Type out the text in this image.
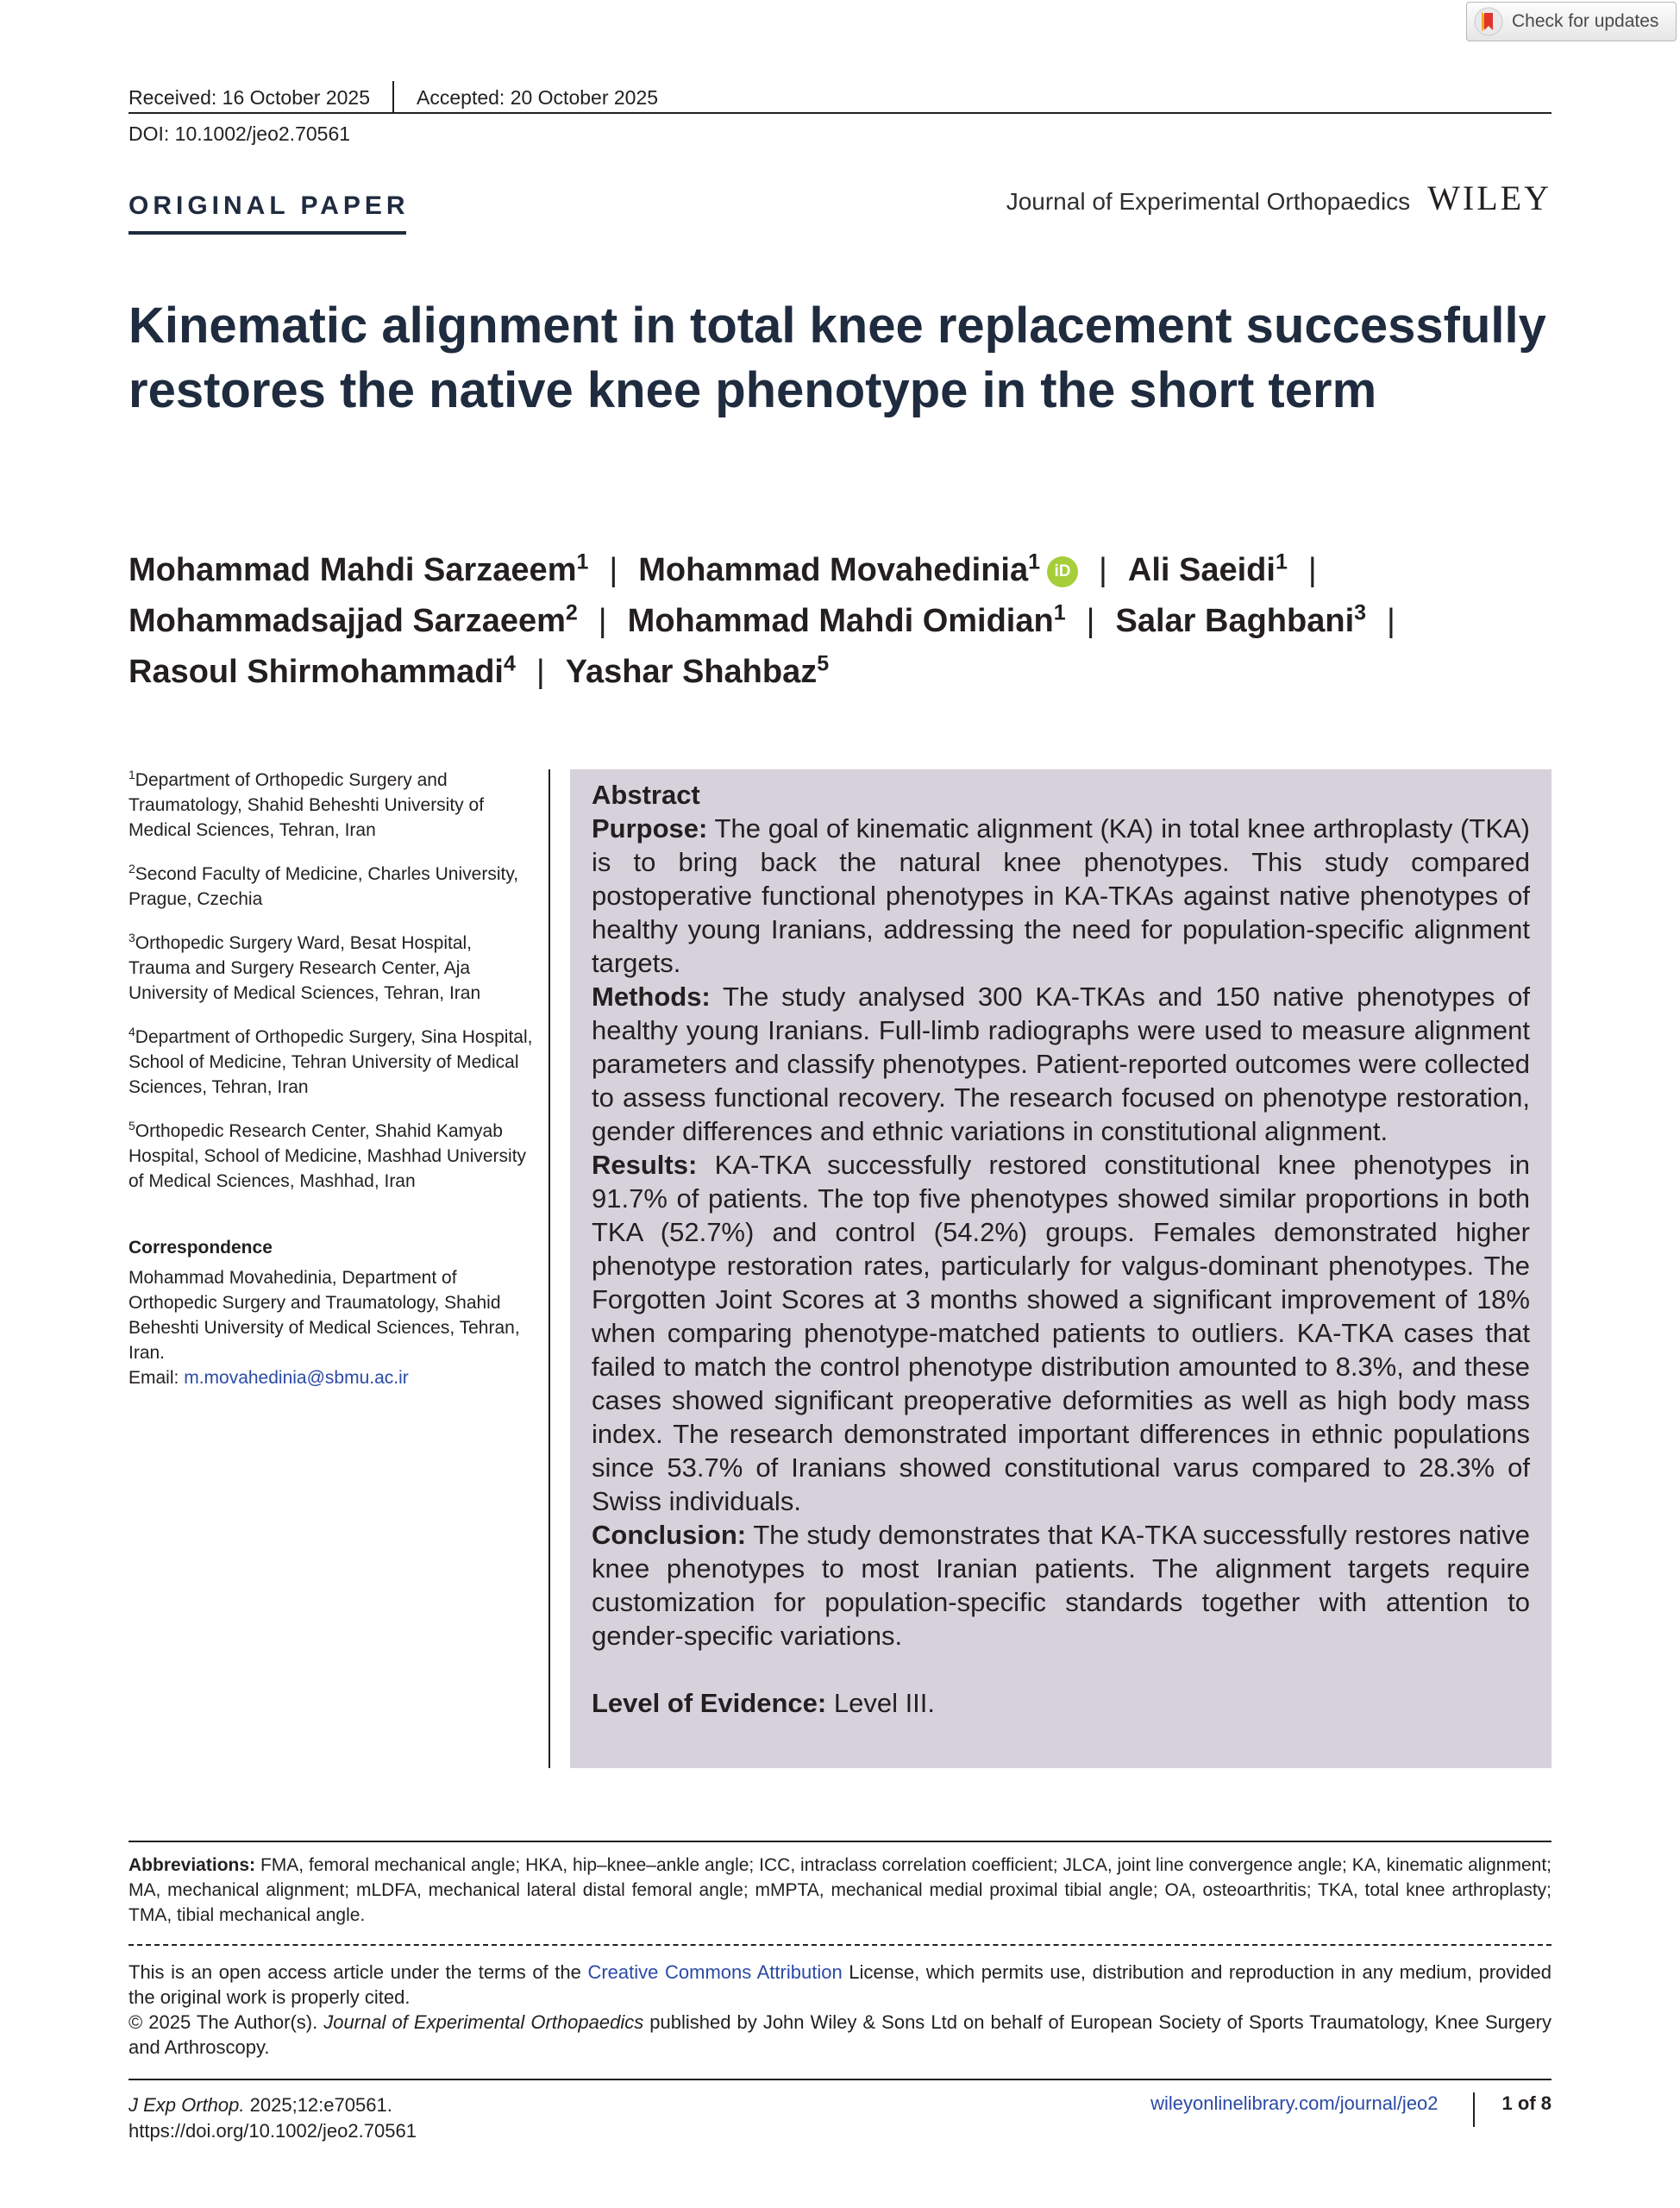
Check for updates
Received: 16 October 2025 Accepted: 20 October 2025
DOI: 10.1002/jeo2.70561
ORIGINAL PAPER	Journal of Experimental Orthopaedics WILEY
Kinematic alignment in total knee replacement successfully restores the native knee phenotype in the short term
Mohammad Mahdi Sarzaeem$^1$ | Mohammad Movahedinia$^1$ iD | Ali Saeidi$^1$ |
Mohammadsajjad Sarzaeem$^2$ | Mohammad Mahdi Omidian$^1$ | Salar Baghbani$^3$ |
Rasoul Shirmohammadi$^4$ | Yashar Shahbaz$^5$
$^1$Department of Orthopedic Surgery and Traumatology, Shahid Beheshti University of Medical Sciences, Tehran, Iran
$^2$Second Faculty of Medicine, Charles University, Prague, Czechia
$^3$Orthopedic Surgery Ward, Besat Hospital, Trauma and Surgery Research Center, Aja University of Medical Sciences, Tehran, Iran
$^4$Department of Orthopedic Surgery, Sina Hospital, School of Medicine, Tehran University of Medical Sciences, Tehran, Iran
$^5$Orthopedic Research Center, Shahid Kamyab Hospital, School of Medicine, Mashhad University of Medical Sciences, Mashhad, Iran
Correspondence
Mohammad Movahedinia, Department of Orthopedic Surgery and Traumatology, Shahid Beheshti University of Medical Sciences, Tehran, Iran.
Email: m.movahedinia@sbmu.ac.ir
Abstract

Purpose: The goal of kinematic alignment (KA) in total knee arthroplasty (TKA) is to bring back the natural knee phenotypes. This study compared postoperative functional phenotypes in KA-TKAs against native phenotypes of healthy young Iranians, addressing the need for population-specific alignment targets.

Methods: The study analysed 300 KA-TKAs and 150 native phenotypes of healthy young Iranians. Full-limb radiographs were used to measure alignment parameters and classify phenotypes. Patient-reported outcomes were collected to assess functional recovery. The research focused on phenotype restoration, gender differences and ethnic variations in constitutional alignment.

Results: KA-TKA successfully restored constitutional knee phenotypes in 91.7% of patients. The top five phenotypes showed similar proportions in both TKA (52.7%) and control (54.2%) groups. Females demonstrated higher phenotype restoration rates, particularly for valgus-dominant phenotypes. The Forgotten Joint Scores at 3 months showed a significant improvement of 18% when comparing phenotype-matched patients to outliers. KA-TKA cases that failed to match the control phenotype distribution amounted to 8.3%, and these cases showed significant preoperative deformities as well as high body mass index. The research demonstrated important differences in ethnic populations since 53.7% of Iranians showed constitutional varus compared to 28.3% of Swiss individuals.

Conclusion: The study demonstrates that KA-TKA successfully restores native knee phenotypes to most Iranian patients. The alignment targets require customization for population-specific standards together with attention to gender-specific variations.

Level of Evidence: Level III.

Abbreviations: FMA, femoral mechanical angle; HKA, hip–knee–ankle angle; ICC, intraclass correlation coefficient; JLCA, joint line convergence angle; KA, kinematic alignment; MA, mechanical alignment; mLDFA, mechanical lateral distal femoral angle; mMPTA, mechanical medial proximal tibial angle; OA, osteoarthritis; TKA, total knee arthroplasty; TMA, tibial mechanical angle.

This is an open access article under the terms of the Creative Commons Attribution License, which permits use, distribution and reproduction in any medium, provided the original work is properly cited.

© 2025 The Author(s). Journal of Experimental Orthopaedics published by John Wiley & Sons Ltd on behalf of European Society of Sports Traumatology, Knee Surgery and Arthroscopy.

J Exp Orthop. 2025;12:e70561.
https://doi.org/10.1002/jeo2.70561
wileyonlinelibrary.com/journal/jeo2	1 of 8
